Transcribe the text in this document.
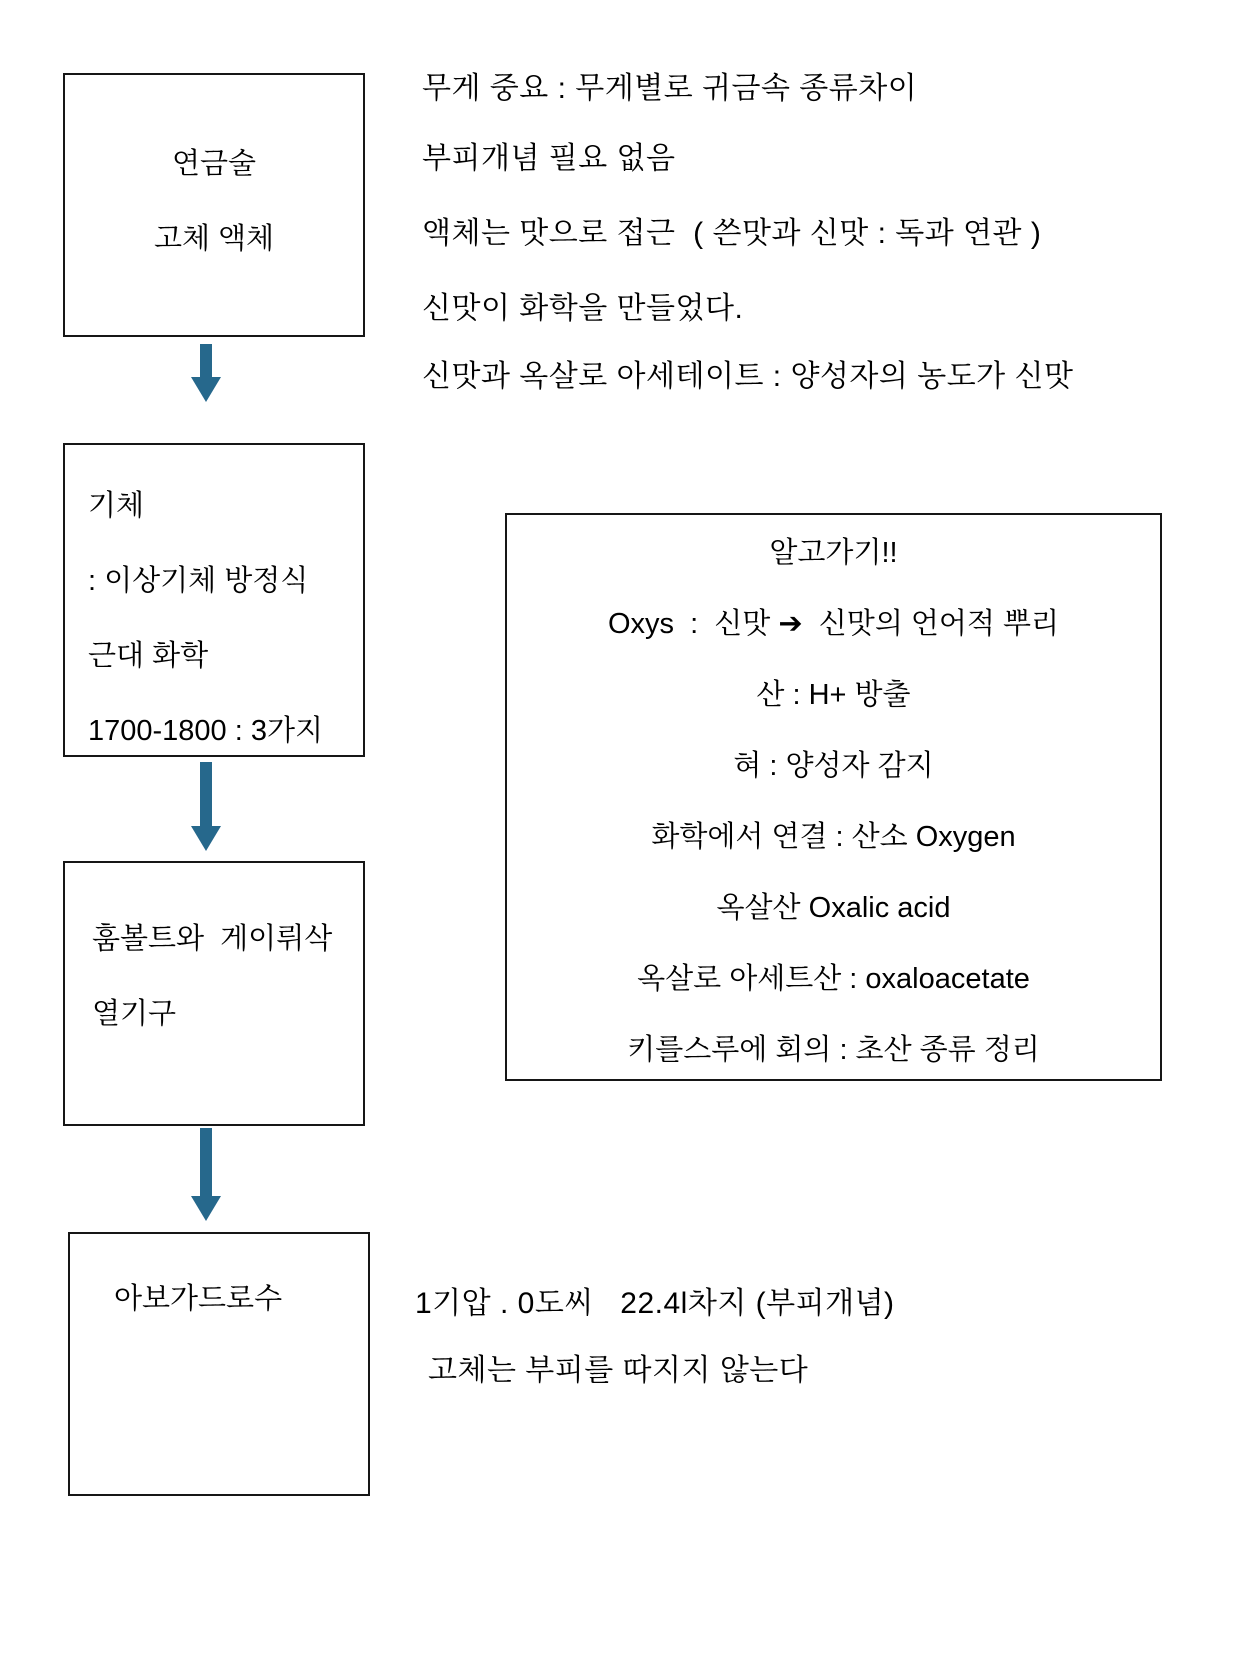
무게 중요 : 무게별로 귀금속 종류차이
부피개념 필요 없음
액체는 맛으로 접근  ( 쓴맛과 신맛 : 독과 연관 )
신맛이 화학을 만들었다.
신맛과 옥살로 아세테이트 : 양성자의 농도가 신맛
연금술
고체 액체
기체
: 이상기체 방정식
근대 화학
1700-1800 : 3가지
훔볼트와  게이뤼삭
열기구
아보가드로수
알고가기!!
Oxys  :  신맛 ➔  신맛의 언어적 뿌리
산 : H+ 방출
혀 : 양성자 감지
화학에서 연결 : 산소 Oxygen
옥살산 Oxalic acid
옥살로 아세트산 : oxaloacetate
키를스루에 회의 : 초산 종류 정리
1기압 . 0도씨   22.4l차지 (부피개념)
고체는 부피를 따지지 않는다
